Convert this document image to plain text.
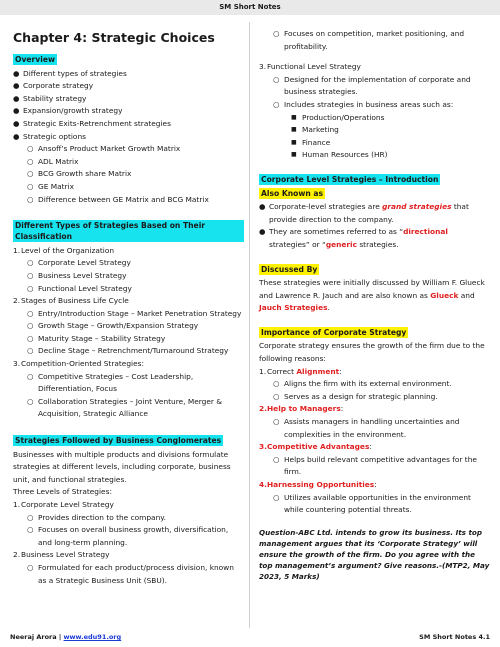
SM Short Notes
Chapter 4: Strategic Choices
Overview
● Different types of strategies
● Corporate strategy
● Stability strategy
● Expansion/growth strategy
● Strategic Exits-Retrenchment strategies
● Strategic options
○ Ansoff’s Product Market Growth Matrix
○ ADL Matrix
○ BCG Growth share Matrix
○ GE Matrix
○ Difference between GE Matrix and BCG Matrix
Different Types of Strategies Based on Their Classification
1. Level of the Organization
○ Corporate Level Strategy
○ Business Level Strategy
○ Functional Level Strategy
2. Stages of Business Life Cycle
○ Entry/Introduction Stage – Market Penetration Strategy
○ Growth Stage – Growth/Expansion Strategy
○ Maturity Stage – Stability Strategy
○ Decline Stage – Retrenchment/Turnaround Strategy
3. Competition-Oriented Strategies:
○ Competitive Strategies – Cost Leadership, Differentiation, Focus
○ Collaboration Strategies – Joint Venture, Merger & Acquisition, Strategic Alliance
Strategies Followed by Business Conglomerates
Businesses with multiple products and divisions formulate strategies at different levels, including corporate, business unit, and functional strategies.
Three Levels of Strategies:
1. Corporate Level Strategy
○ Provides direction to the company.
○ Focuses on overall business growth, diversification, and long-term planning.
2. Business Level Strategy
○ Formulated for each product/process division, known as a Strategic Business Unit (SBU).
○ Focuses on competition, market positioning, and profitability.
3. Functional Level Strategy
○ Designed for the implementation of corporate and business strategies.
○ Includes strategies in business areas such as:
■ Production/Operations
■ Marketing
■ Finance
■ Human Resources (HR)
Corporate Level Strategies – Introduction
Also Known as
● Corporate-level strategies are grand strategies that provide direction to the company.
● They are sometimes referred to as “directional strategies” or “generic strategies.
Discussed By
These strategies were initially discussed by William F. Glueck and Lawrence R. Jauch and are also known as Glueck and Jauch Strategies.
Importance of Corporate Strategy
Corporate strategy ensures the growth of the firm due to the following reasons:
1. Correct Alignment:
○ Aligns the firm with its external environment.
○ Serves as a design for strategic planning.
2. Help to Managers:
○ Assists managers in handling uncertainties and complexities in the environment.
3. Competitive Advantages:
○ Helps build relevant competitive advantages for the firm.
4. Harnessing Opportunities:
○ Utilizes available opportunities in the environment while countering potential threats.
Question-ABC Ltd. intends to grow its business. Its top management argues that its ‘Corporate Strategy’ will ensure the growth of the firm. Do you agree with the top management’s argument? Give reasons.-(MTP2, May 2023, 5 Marks)
Neeraj Arora | www.edu91.org	SM Short Notes 4.1
